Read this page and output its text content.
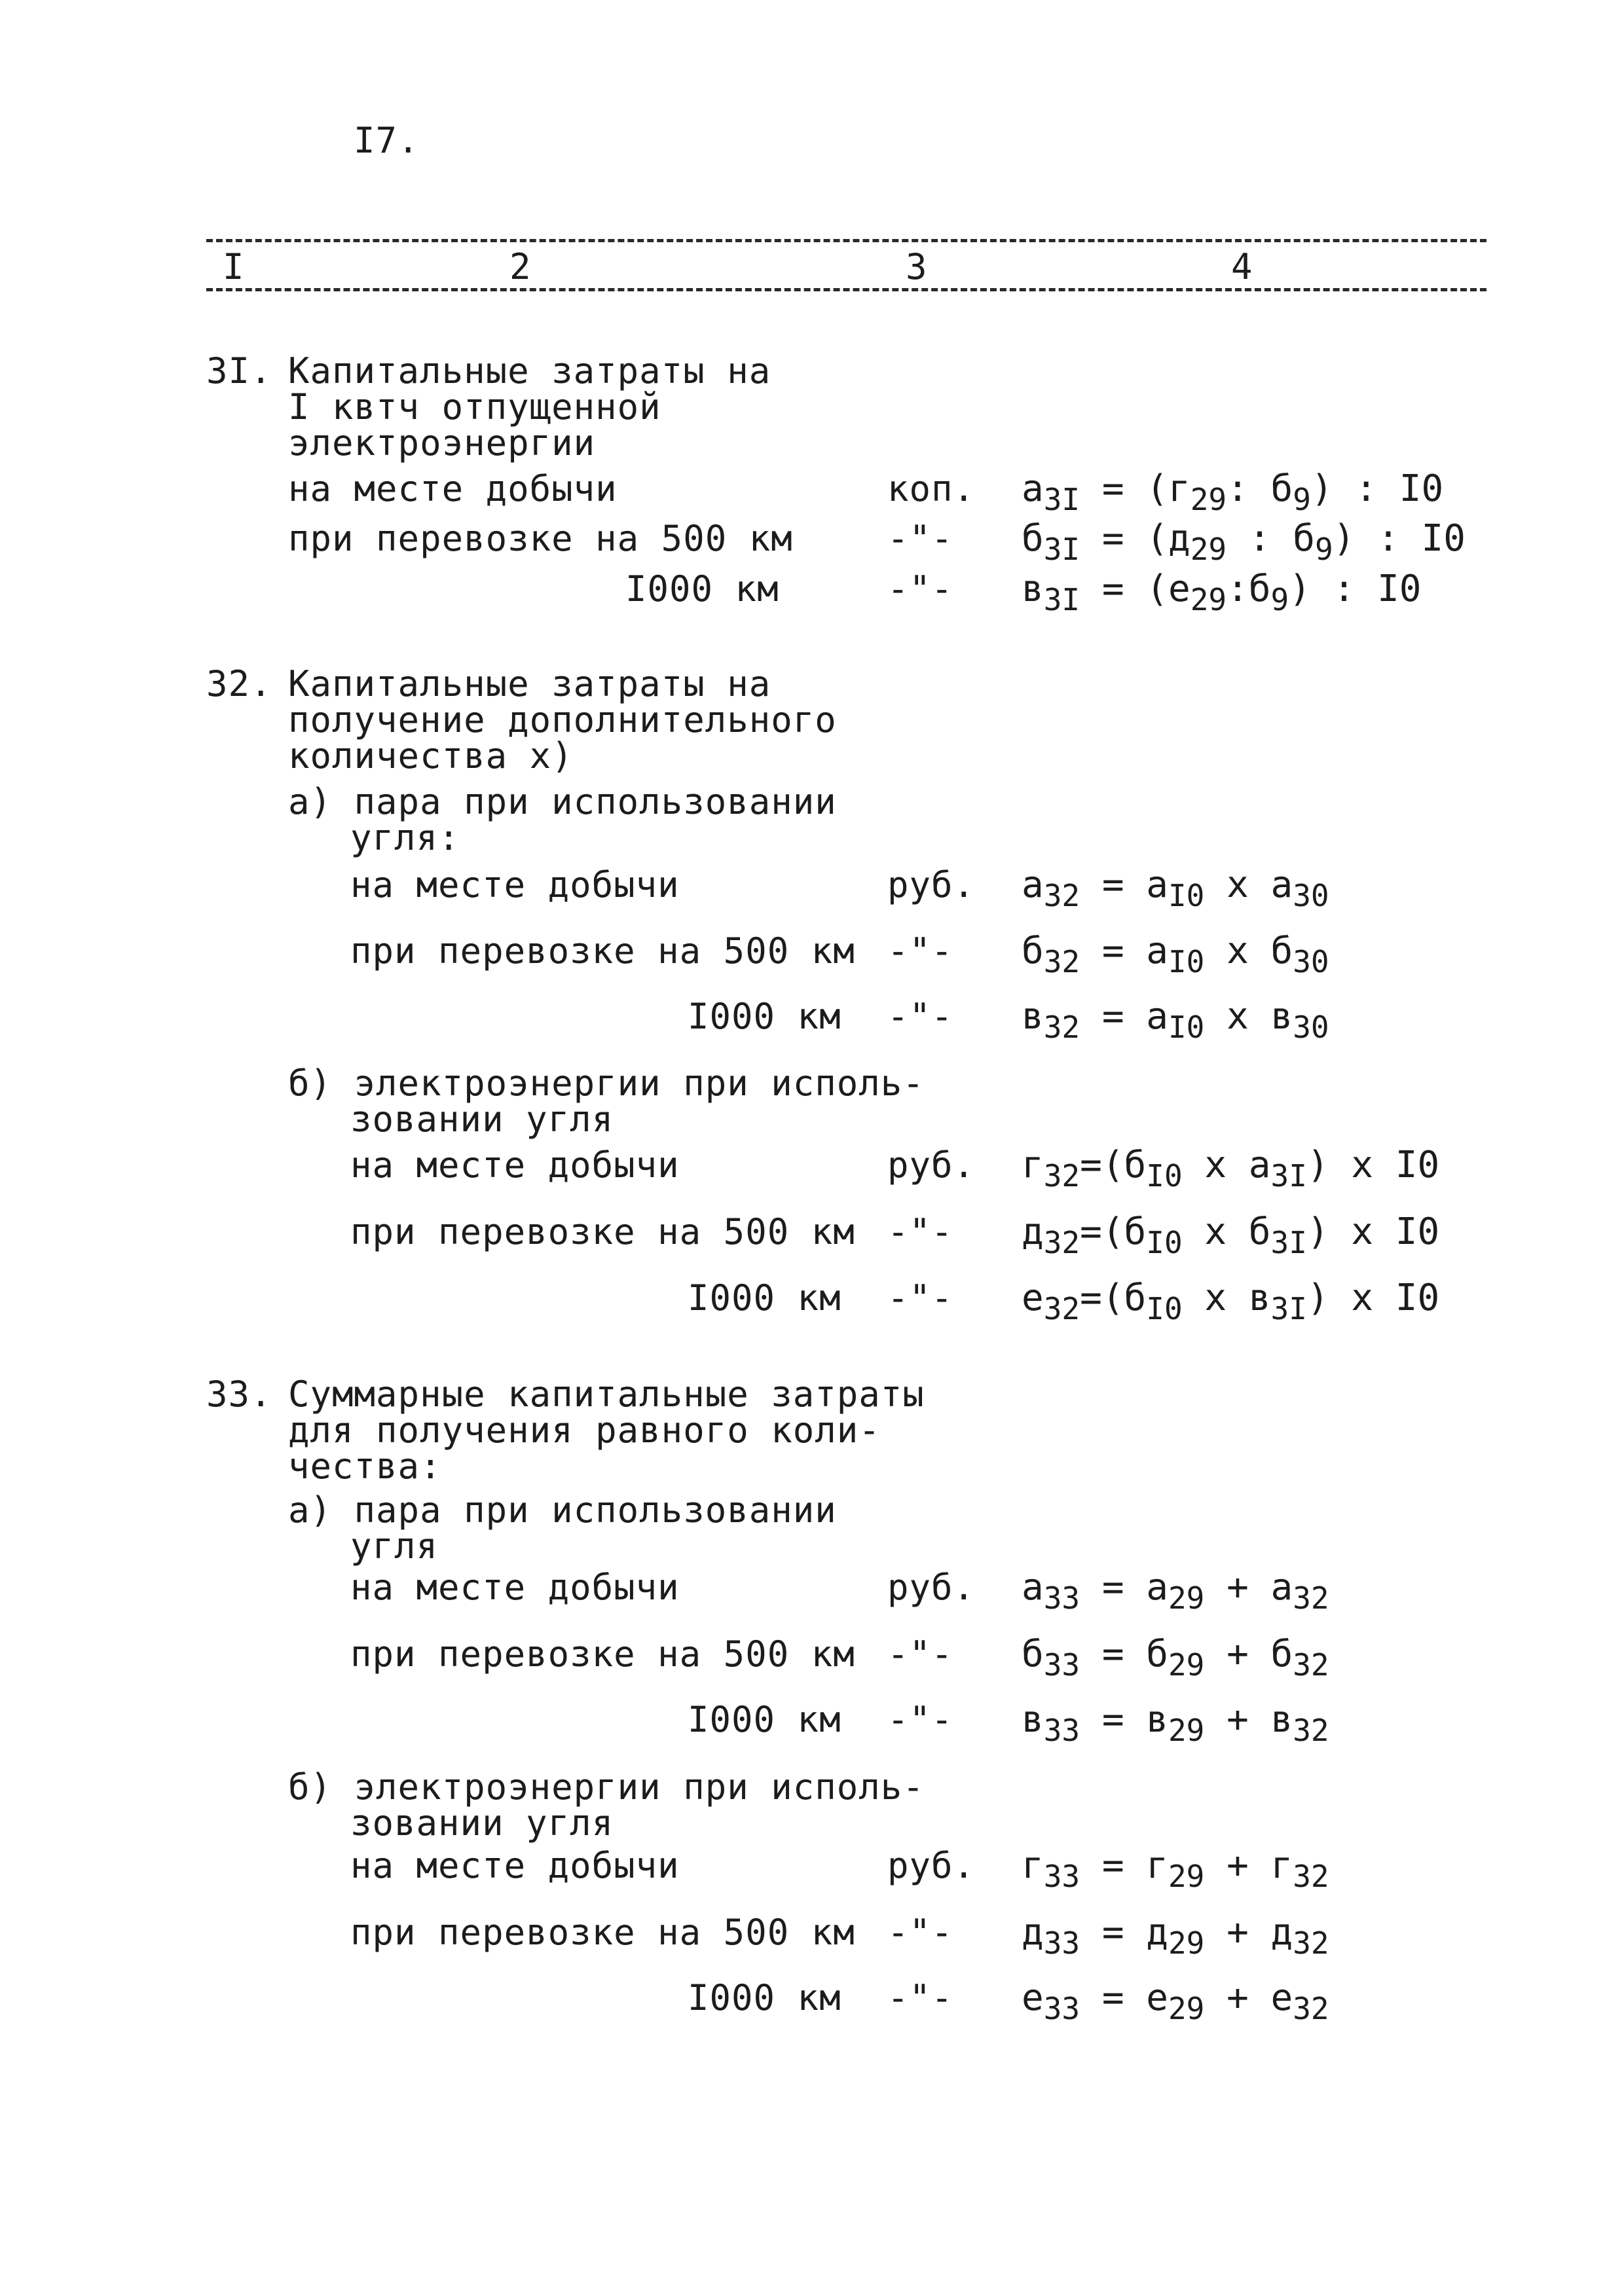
I7.
I	2	3	4
3I. Капитальные затраты на
I квтч отпущенной
электроэнергии
на месте добычи	коп. $a_{3I} = (г_{29}$: $б_9$) : I0
при перевозке на 500 км	-"- $б_{3I} = (д_{29}$ : $б_9$) : I0
I000 км	-"- $в_{3I}$ = $(е_{29}:б_9)$ : I0
32. Капитальные затраты на
получение дополнительного
количества x)
а) пара при использовании
угля:
на месте добычи	руб. $a_{32} = a_{I0}$ x $a_{30}$
при перевозке на 500 км -"- $б_{32} = a_{I0}$ x $б_{30}$
I000 км -"- $в_{32} = a_{I0}$ x $в_{30}$
б) электроэнергии при исполь-
зовании угля
на месте добычи	руб. $г_{32}=(б_{I0}$ x $a_{3I}$) x I0
при перевозке на 500 км -"- $д_{32}=(б_{I0}$ x $б_{3I}$) x I0
I000 км -"- $е_{32}=(б_{I0}$ x $в_{3I}$) x I0
33. Суммарные капитальные затраты
для получения равного коли-
чества:
а) пара при использовании
угля
на месте добычи	руб. $a_{33} = a_{29} + a_{32}$
при перевозке на 500 км -"- $б_{33} = б_{29} + б_{32}$
I000 км -"- $в_{33} = в_{29} + в_{32}$
б) электроэнергии при исполь-
зовании угля
на месте добычи	руб. $г_{33} = г_{29} + г_{32}$
при перевозке на 500 км -"- $д_{33} = д_{29} + д_{32}$
I000 км -"- $е_{33} = е_{29} + е_{32}$
